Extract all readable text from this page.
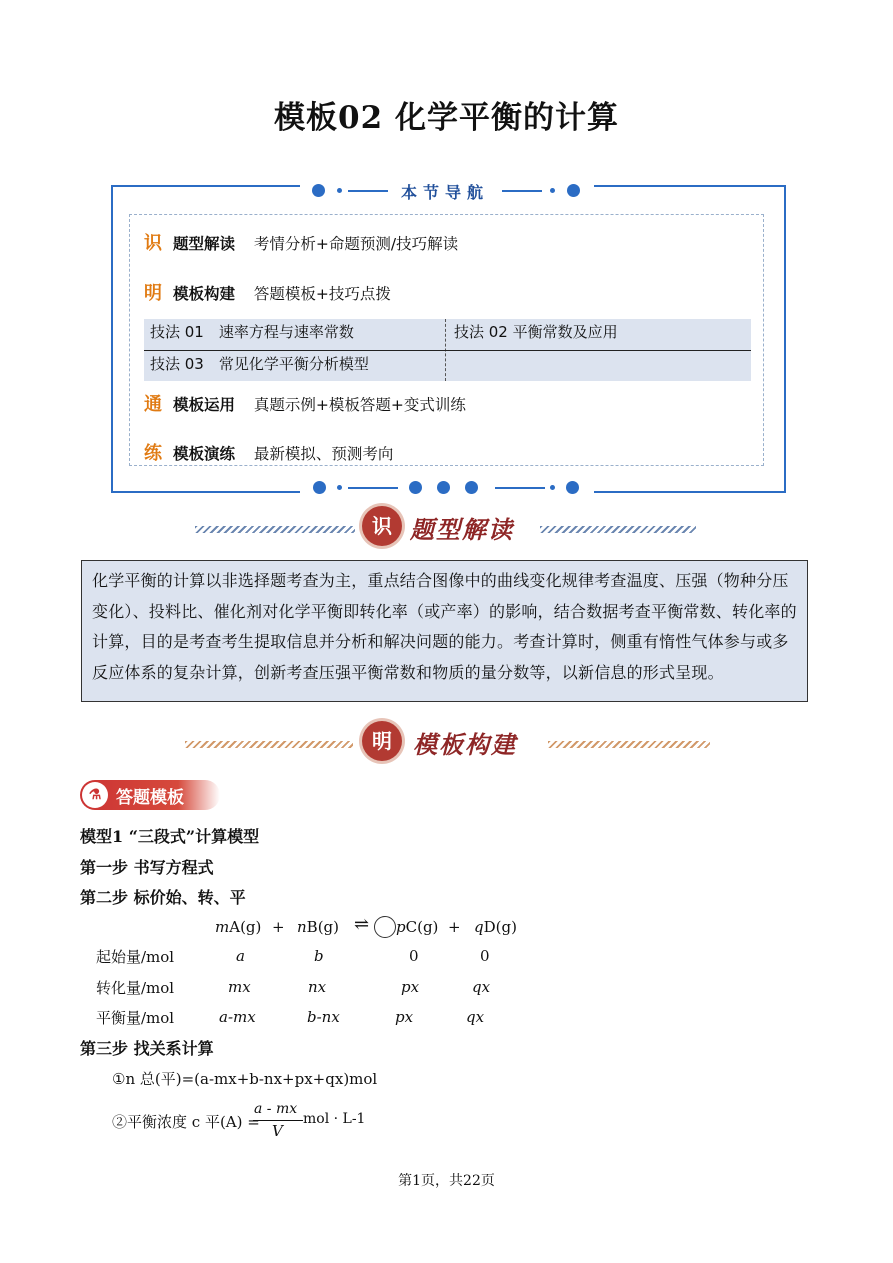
模板02 化学平衡的计算
本节导航
识 题型解读 考情分析+命题预测/技巧解读
明 模板构建 答题模板+技巧点拨
技法 01　速率方程与速率常数	技法 02 平衡常数及应用
技法 03　常见化学平衡分析模型
通 模板运用 真题示例+模板答题+变式训练
练 模板演练 最新模拟、预测考向
识 题型解读

化学平衡的计算以非选择题考查为主，重点结合图像中的曲线变化规律考查温度、压强（物种分压变化）、投料比、催化剂对化学平衡即转化率（或产率）的影响，结合数据考查平衡常数、转化率的计算，目的是考查考生提取信息并分析和解决问题的能力。考查计算时，侧重有惰性气体参与或多反应体系的复杂计算，创新考查压强平衡常数和物质的量分数等，以新信息的形式呈现。

明 模板构建
⚗ 答题模板
模型1 “三段式”计算模型
第一步 书写方程式
第二步 标价始、转、平
mA(g) + nB(g) ⇌ pC(g) + qD(g)
起始量/mol	a	b	0	0
转化量/mol	mx	nx	px	qx
平衡量/mol	a-mx	b-nx	px	qx
第三步 找关系计算
①n 总(平)=(a-mx+b-nx+px+qx)mol
②平衡浓度 c 平(A) =
a - mx
V
mol · L-1
第1页，共22页
